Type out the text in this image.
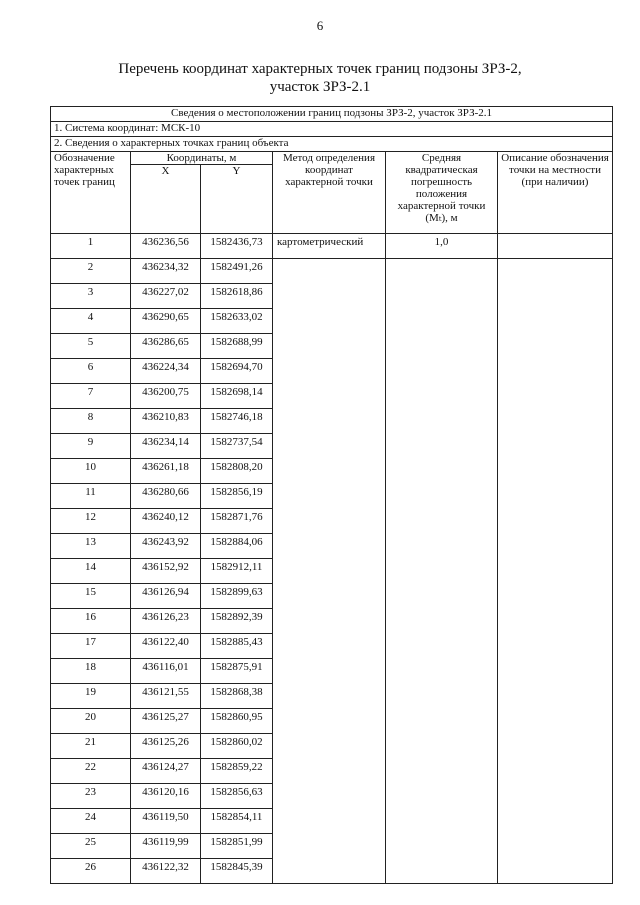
6
Перечень координат характерных точек границ подзоны ЗРЗ-2,
участок ЗРЗ-2.1
Сведения о местоположении границ подзоны ЗРЗ-2, участок ЗРЗ-2.1					
1. Система координат: МСК-10					
2. Сведения о характерных точках границ объекта					
Обозначение характерных точек границ	Координаты, м		Метод определения координат характерной точки	Средняя квадратическая погрешность положения характерной точки (Mₜ), м	Описание обозначения точки на местности (при наличии)
	X	Y			
1	436236,56	1582436,73	картометрический	1,0	
2	436234,32	1582491,26			
3	436227,02	1582618,86			
4	436290,65	1582633,02			
5	436286,65	1582688,99			
6	436224,34	1582694,70			
7	436200,75	1582698,14			
8	436210,83	1582746,18			
9	436234,14	1582737,54			
10	436261,18	1582808,20			
11	436280,66	1582856,19			
12	436240,12	1582871,76			
13	436243,92	1582884,06			
14	436152,92	1582912,11			
15	436126,94	1582899,63			
16	436126,23	1582892,39			
17	436122,40	1582885,43			
18	436116,01	1582875,91			
19	436121,55	1582868,38			
20	436125,27	1582860,95			
21	436125,26	1582860,02			
22	436124,27	1582859,22			
23	436120,16	1582856,63			
24	436119,50	1582854,11			
25	436119,99	1582851,99			
26	436122,32	1582845,39			
